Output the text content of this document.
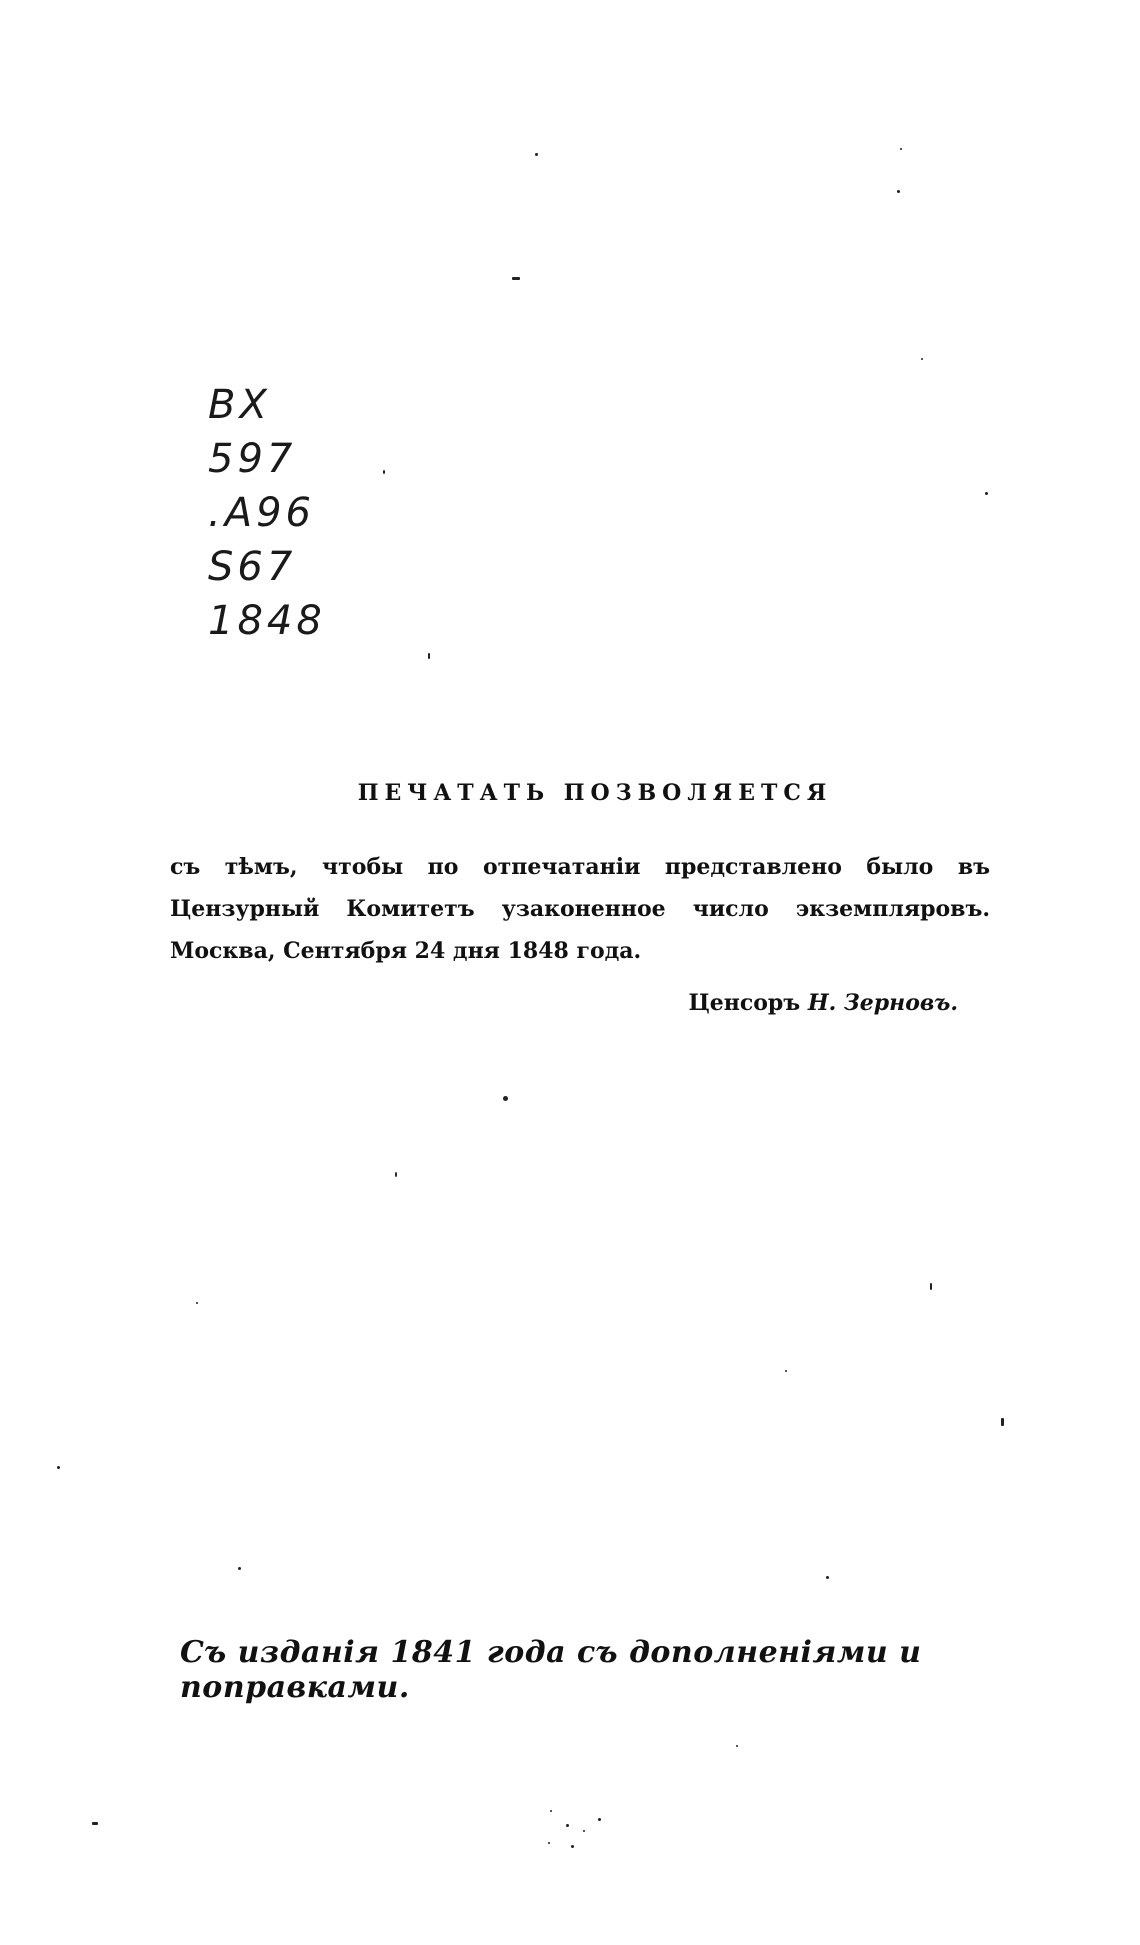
BX
597
.A96
S67
1848

ПЕЧАТАТЬ ПОЗВОЛЯЕТСЯ

съ тѣмъ, чтобы по отпечатаніи представлено было въ Цензурный Комитетъ узаконенное число экземпляровъ. Москва, Сентября 24 дня 1848 года.

Ценсоръ Н. Зерновъ.
Съ изданія 1841 года съ дополненіями и поправками.
